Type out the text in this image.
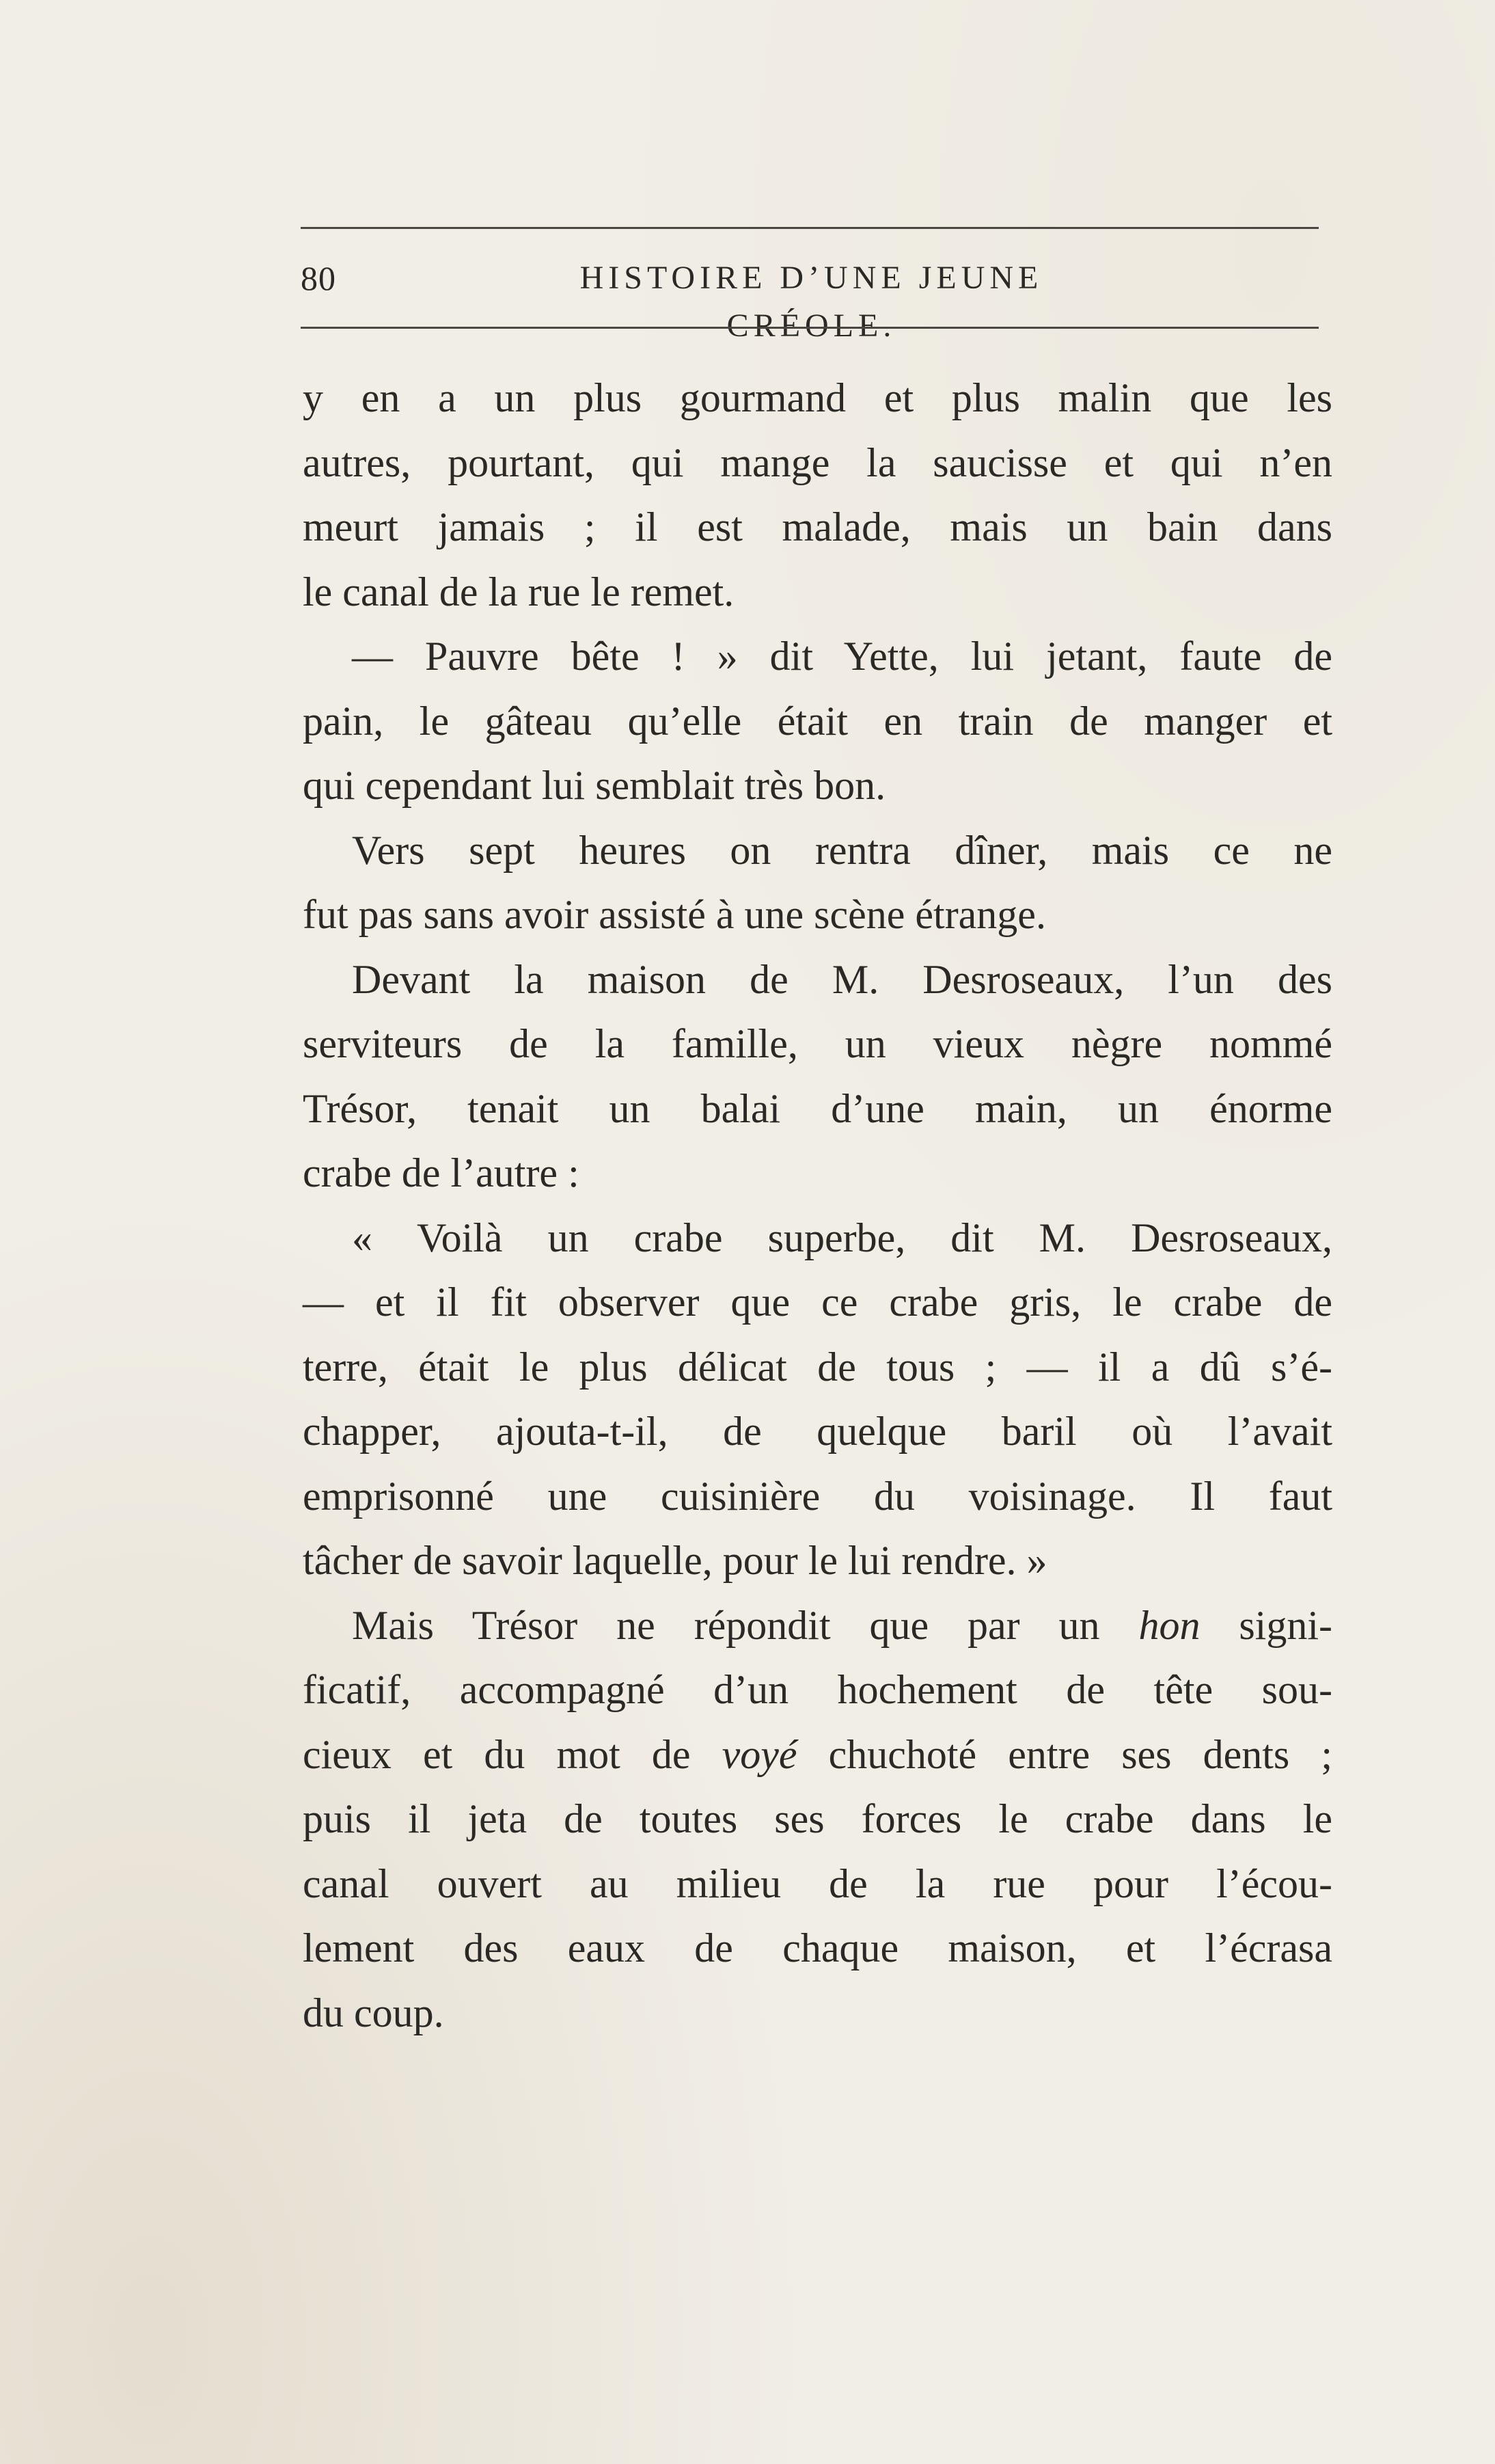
80	HISTOIRE D’UNE JEUNE CRÉOLE.
y en a un plus gourmand et plus malin que les
autres, pourtant, qui mange la saucisse et qui n’en
meurt jamais ; il est malade, mais un bain dans
le canal de la rue le remet.
— Pauvre bête ! » dit Yette, lui jetant, faute de
pain, le gâteau qu’elle était en train de manger et
qui cependant lui semblait très bon.
Vers sept heures on rentra dîner, mais ce ne
fut pas sans avoir assisté à une scène étrange.
Devant la maison de M. Desroseaux, l’un des
serviteurs de la famille, un vieux nègre nommé
Trésor, tenait un balai d’une main, un énorme
crabe de l’autre :
« Voilà un crabe superbe, dit M. Desroseaux,
— et il fit observer que ce crabe gris, le crabe de
terre, était le plus délicat de tous ; — il a dû s’é-
chapper, ajouta-t-il, de quelque baril où l’avait
emprisonné une cuisinière du voisinage. Il faut
tâcher de savoir laquelle, pour le lui rendre. »
Mais Trésor ne répondit que par un hon signi-
ficatif, accompagné d’un hochement de tête sou-
cieux et du mot de voyé chuchoté entre ses dents ;
puis il jeta de toutes ses forces le crabe dans le
canal ouvert au milieu de la rue pour l’écou-
lement des eaux de chaque maison, et l’écrasa
du coup.
